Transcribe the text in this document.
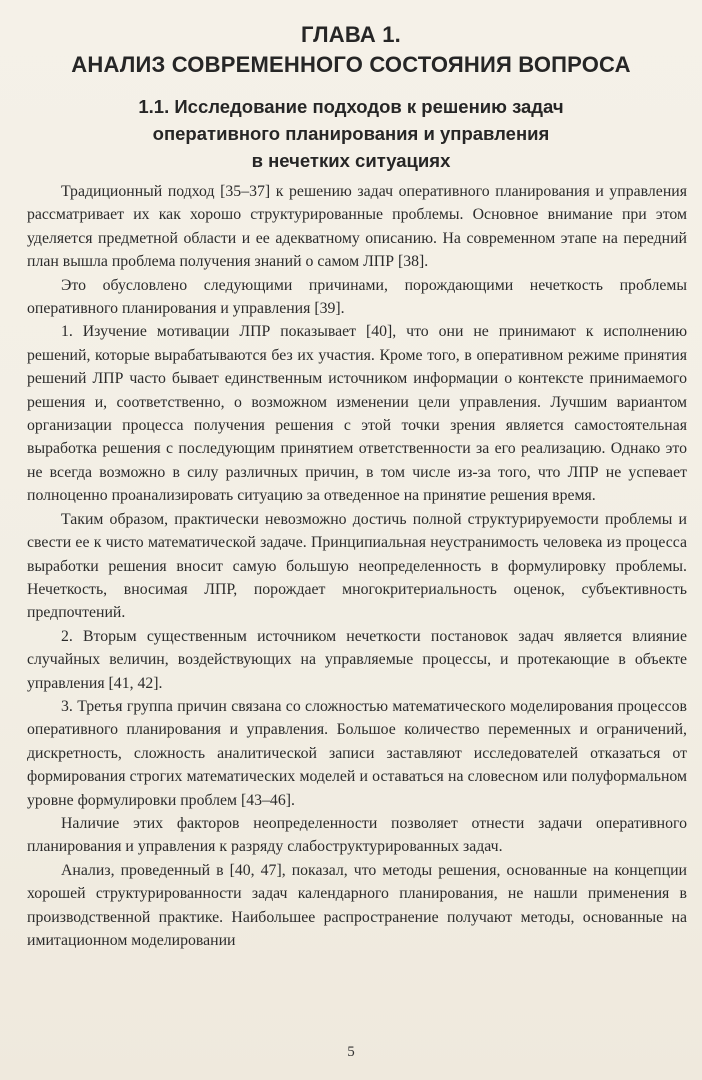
ГЛАВА 1.
АНАЛИЗ СОВРЕМЕННОГО СОСТОЯНИЯ ВОПРОСА
1.1. Исследование подходов к решению задач
оперативного планирования и управления
в нечетких ситуациях

Традиционный подход [35–37] к решению задач оперативного планирования и управления рассматривает их как хорошо структурированные проблемы. Основное внимание при этом уделяется предметной области и ее адекватному описанию. На современном этапе на передний план вышла проблема получения знаний о самом ЛПР [38].

Это обусловлено следующими причинами, порождающими нечеткость проблемы оперативного планирования и управления [39].

1. Изучение мотивации ЛПР показывает [40], что они не принимают к исполнению решений, которые вырабатываются без их участия. Кроме того, в оперативном режиме принятия решений ЛПР часто бывает единственным источником информации о контексте принимаемого решения и, соответственно, о возможном изменении цели управления. Лучшим вариантом организации процесса получения решения с этой точки зрения является самостоятельная выработка решения с последующим принятием ответственности за его реализацию. Однако это не всегда возможно в силу различных причин, в том числе из-за того, что ЛПР не успевает полноценно проанализировать ситуацию за отведенное на принятие решения время.

Таким образом, практически невозможно достичь полной структурируемости проблемы и свести ее к чисто математической задаче. Принципиальная неустранимость человека из процесса выработки решения вносит самую большую неопределенность в формулировку проблемы. Нечеткость, вносимая ЛПР, порождает многокритериальность оценок, субъективность предпочтений.

2. Вторым существенным источником нечеткости постановок задач является влияние случайных величин, воздействующих на управляемые процессы, и протекающие в объекте управления [41, 42].

3. Третья группа причин связана со сложностью математического моделирования процессов оперативного планирования и управления. Большое количество переменных и ограничений, дискретность, сложность аналитической записи заставляют исследователей отказаться от формирования строгих математических моделей и оставаться на словесном или полуформальном уровне формулировки проблем [43–46].

Наличие этих факторов неопределенности позволяет отнести задачи оперативного планирования и управления к разряду слабоструктурированных задач.

Анализ, проведенный в [40, 47], показал, что методы решения, основанные на концепции хорошей структурированности задач календарного планирования, не нашли применения в производственной практике. Наибольшее распространение получают методы, основанные на имитационном моделировании

5
